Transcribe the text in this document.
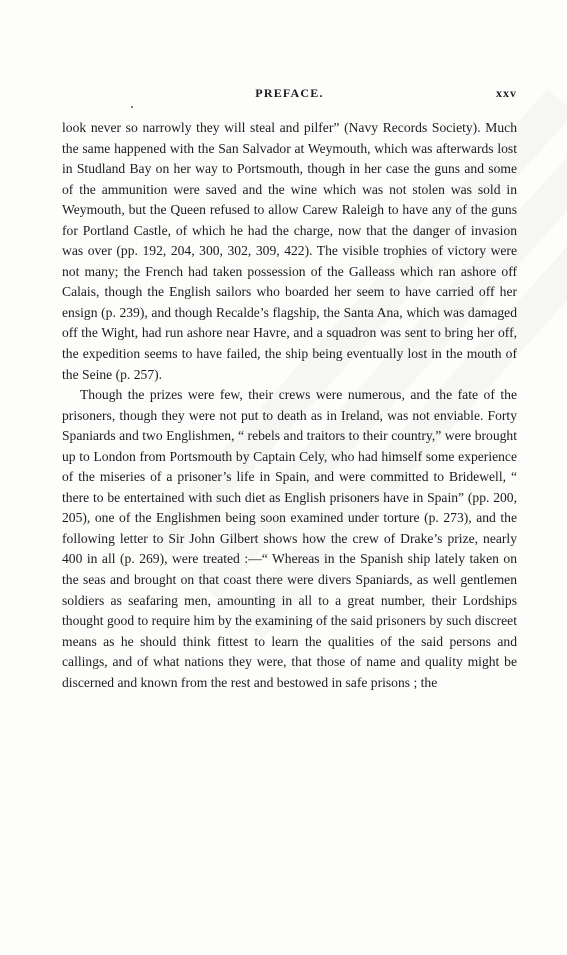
PREFACE.	xxv

look never so narrowly they will steal and pilfer” (Navy Records Society). Much the same happened with the San Salvador at Weymouth, which was afterwards lost in Studland Bay on her way to Portsmouth, though in her case the guns and some of the ammunition were saved and the wine which was not stolen was sold in Weymouth, but the Queen refused to allow Carew Raleigh to have any of the guns for Portland Castle, of which he had the charge, now that the danger of invasion was over (pp. 192, 204, 300, 302, 309, 422). The visible trophies of victory were not many; the French had taken possession of the Galleass which ran ashore off Calais, though the English sailors who boarded her seem to have carried off her ensign (p. 239), and though Recalde’s flagship, the Santa Ana, which was damaged off the Wight, had run ashore near Havre, and a squadron was sent to bring her off, the expedition seems to have failed, the ship being eventually lost in the mouth of the Seine (p. 257).

Though the prizes were few, their crews were numerous, and the fate of the prisoners, though they were not put to death as in Ireland, was not enviable. Forty Spaniards and two Englishmen, “ rebels and traitors to their country,” were brought up to London from Portsmouth by Captain Cely, who had himself some experience of the miseries of a prisoner’s life in Spain, and were committed to Bridewell, “ there to be entertained with such diet as English prisoners have in Spain” (pp. 200, 205), one of the Englishmen being soon examined under torture (p. 273), and the following letter to Sir John Gilbert shows how the crew of Drake’s prize, nearly 400 in all (p. 269), were treated :—“ Whereas in the Spanish ship lately taken on the seas and brought on that coast there were divers Spaniards, as well gentlemen soldiers as seafaring men, amounting in all to a great number, their Lordships thought good to require him by the examining of the said prisoners by such discreet means as he should think fittest to learn the qualities of the said persons and callings, and of what nations they were, that those of name and quality might be discerned and known from the rest and bestowed in safe prisons ; the
